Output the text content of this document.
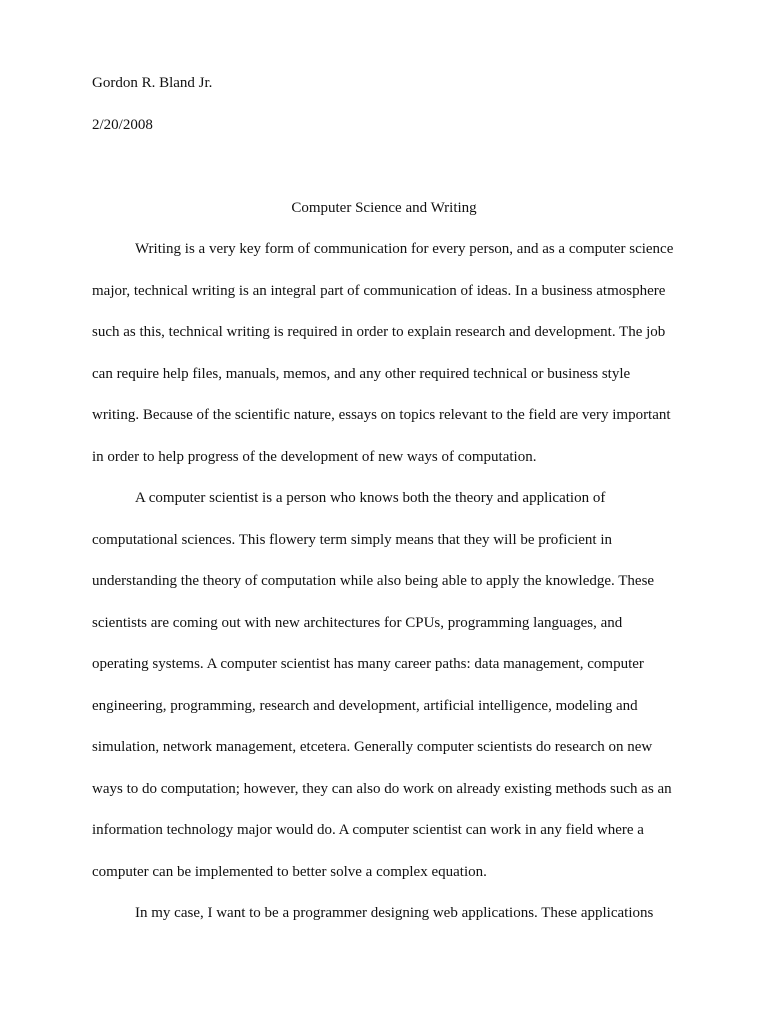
Gordon R. Bland Jr.
2/20/2008
Computer Science and Writing
Writing is a very key form of communication for every person, and as a computer science
major, technical writing is an integral part of communication of ideas. In a business atmosphere
such as this, technical writing is required in order to explain research and development. The job
can require help files, manuals, memos, and any other required technical or business style
writing. Because of the scientific nature, essays on topics relevant to the field are very important
in order to help progress of the development of new ways of computation.
A computer scientist is a person who knows both the theory and application of
computational sciences. This flowery term simply means that they will be proficient in
understanding the theory of computation while also being able to apply the knowledge. These
scientists are coming out with new architectures for CPUs, programming languages, and
operating systems. A computer scientist has many career paths: data management, computer
engineering, programming, research and development, artificial intelligence, modeling and
simulation, network management, etcetera. Generally computer scientists do research on new
ways to do computation; however, they can also do work on already existing methods such as an
information technology major would do. A computer scientist can work in any field where a
computer can be implemented to better solve a complex equation.
In my case, I want to be a programmer designing web applications. These applications
